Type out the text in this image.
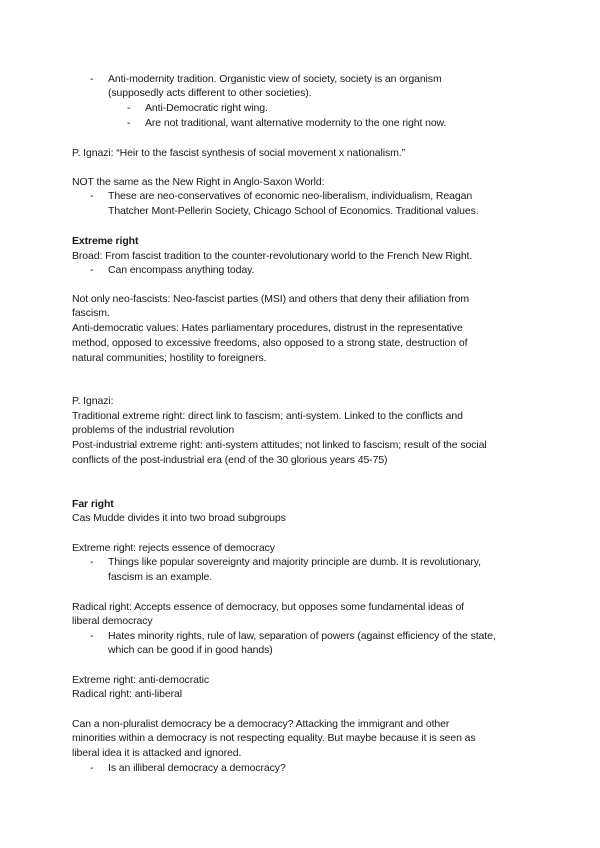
- Anti-modernity tradition. Organistic view of society, society is an organism
(supposedly acts different to other societies).
- Anti-Democratic right wing.
- Are not traditional, want alternative modernity to the one right now.
P. Ignazi: “Heir to the fascist synthesis of social movement x nationalism.”
NOT the same as the New Right in Anglo-Saxon World:
- These are neo-conservatives of economic neo-liberalism, individualism, Reagan
Thatcher Mont-Pellerin Society, Chicago School of Economics. Traditional values.
Extreme right
Broad: From fascist tradition to the counter-revolutionary world to the French New Right.
- Can encompass anything today.
Not only neo-fascists: Neo-fascist parties (MSI) and others that deny their afiliation from
fascism.
Anti-democratic values: Hates parliamentary procedures, distrust in the representative
method, opposed to excessive freedoms, also opposed to a strong state, destruction of
natural communities; hostility to foreigners.
P. Ignazi:
Traditional extreme right: direct link to fascism; anti-system. Linked to the conflicts and
problems of the industrial revolution
Post-industrial extreme right: anti-system attitudes; not linked to fascism; result of the social
conflicts of the post-industrial era (end of the 30 glorious years 45-75)
Far right
Cas Mudde divides it into two broad subgroups
Extreme right: rejects essence of democracy
- Things like popular sovereignty and majority principle are dumb. It is revolutionary,
fascism is an example.
Radical right: Accepts essence of democracy, but opposes some fundamental ideas of
liberal democracy
- Hates minority rights, rule of law, separation of powers (against efficiency of the state,
which can be good if in good hands)
Extreme right: anti-democratic
Radical right: anti-liberal
Can a non-pluralist democracy be a democracy? Attacking the immigrant and other
minorities within a democracy is not respecting equality. But maybe because it is seen as
liberal idea it is attacked and ignored.
- Is an illiberal democracy a democracy?
